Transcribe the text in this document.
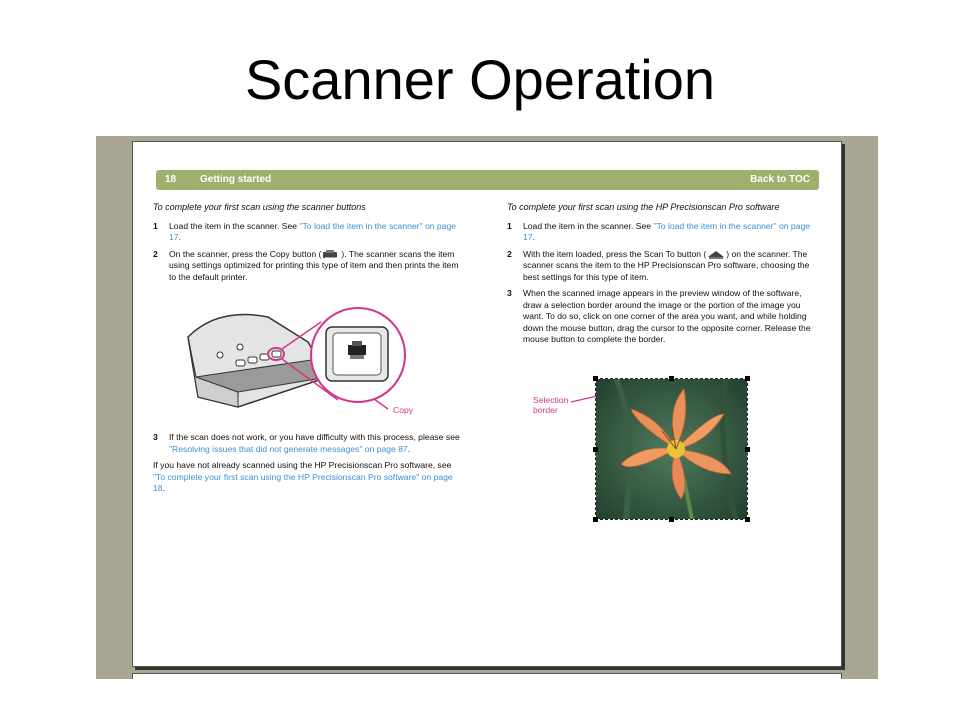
Scanner Operation
18 Getting started	Back to TOC
To complete your first scan using the scanner buttons
1 Load the item in the scanner. See "To load the item in the scanner" on page 17.
2 On the scanner, press the Copy button ( ). The scanner scans the item using settings optimized for printing this type of item and then prints the item to the default printer.
Copy
3 If the scan does not work, or you have difficulty with this process, please see "Resolving issues that did not generate messages" on page 87.
If you have not already scanned using the HP Precisionscan Pro software, see "To complete your first scan using the HP Precisionscan Pro software" on page 18.
To complete your first scan using the HP Precisionscan Pro software
1 Load the item in the scanner. See "To load the item in the scanner" on page 17.
2 With the item loaded, press the Scan To button ( ) on the scanner. The scanner scans the item to the HP Precisionscan Pro software, choosing the best settings for this type of item.
3 When the scanned image appears in the preview window of the software, draw a selection border around the image or the portion of the image you want. To do so, click on one corner of the area you want, and while holding down the mouse button, drag the cursor to the opposite corner. Release the mouse button to complete the border.
Selection
border
